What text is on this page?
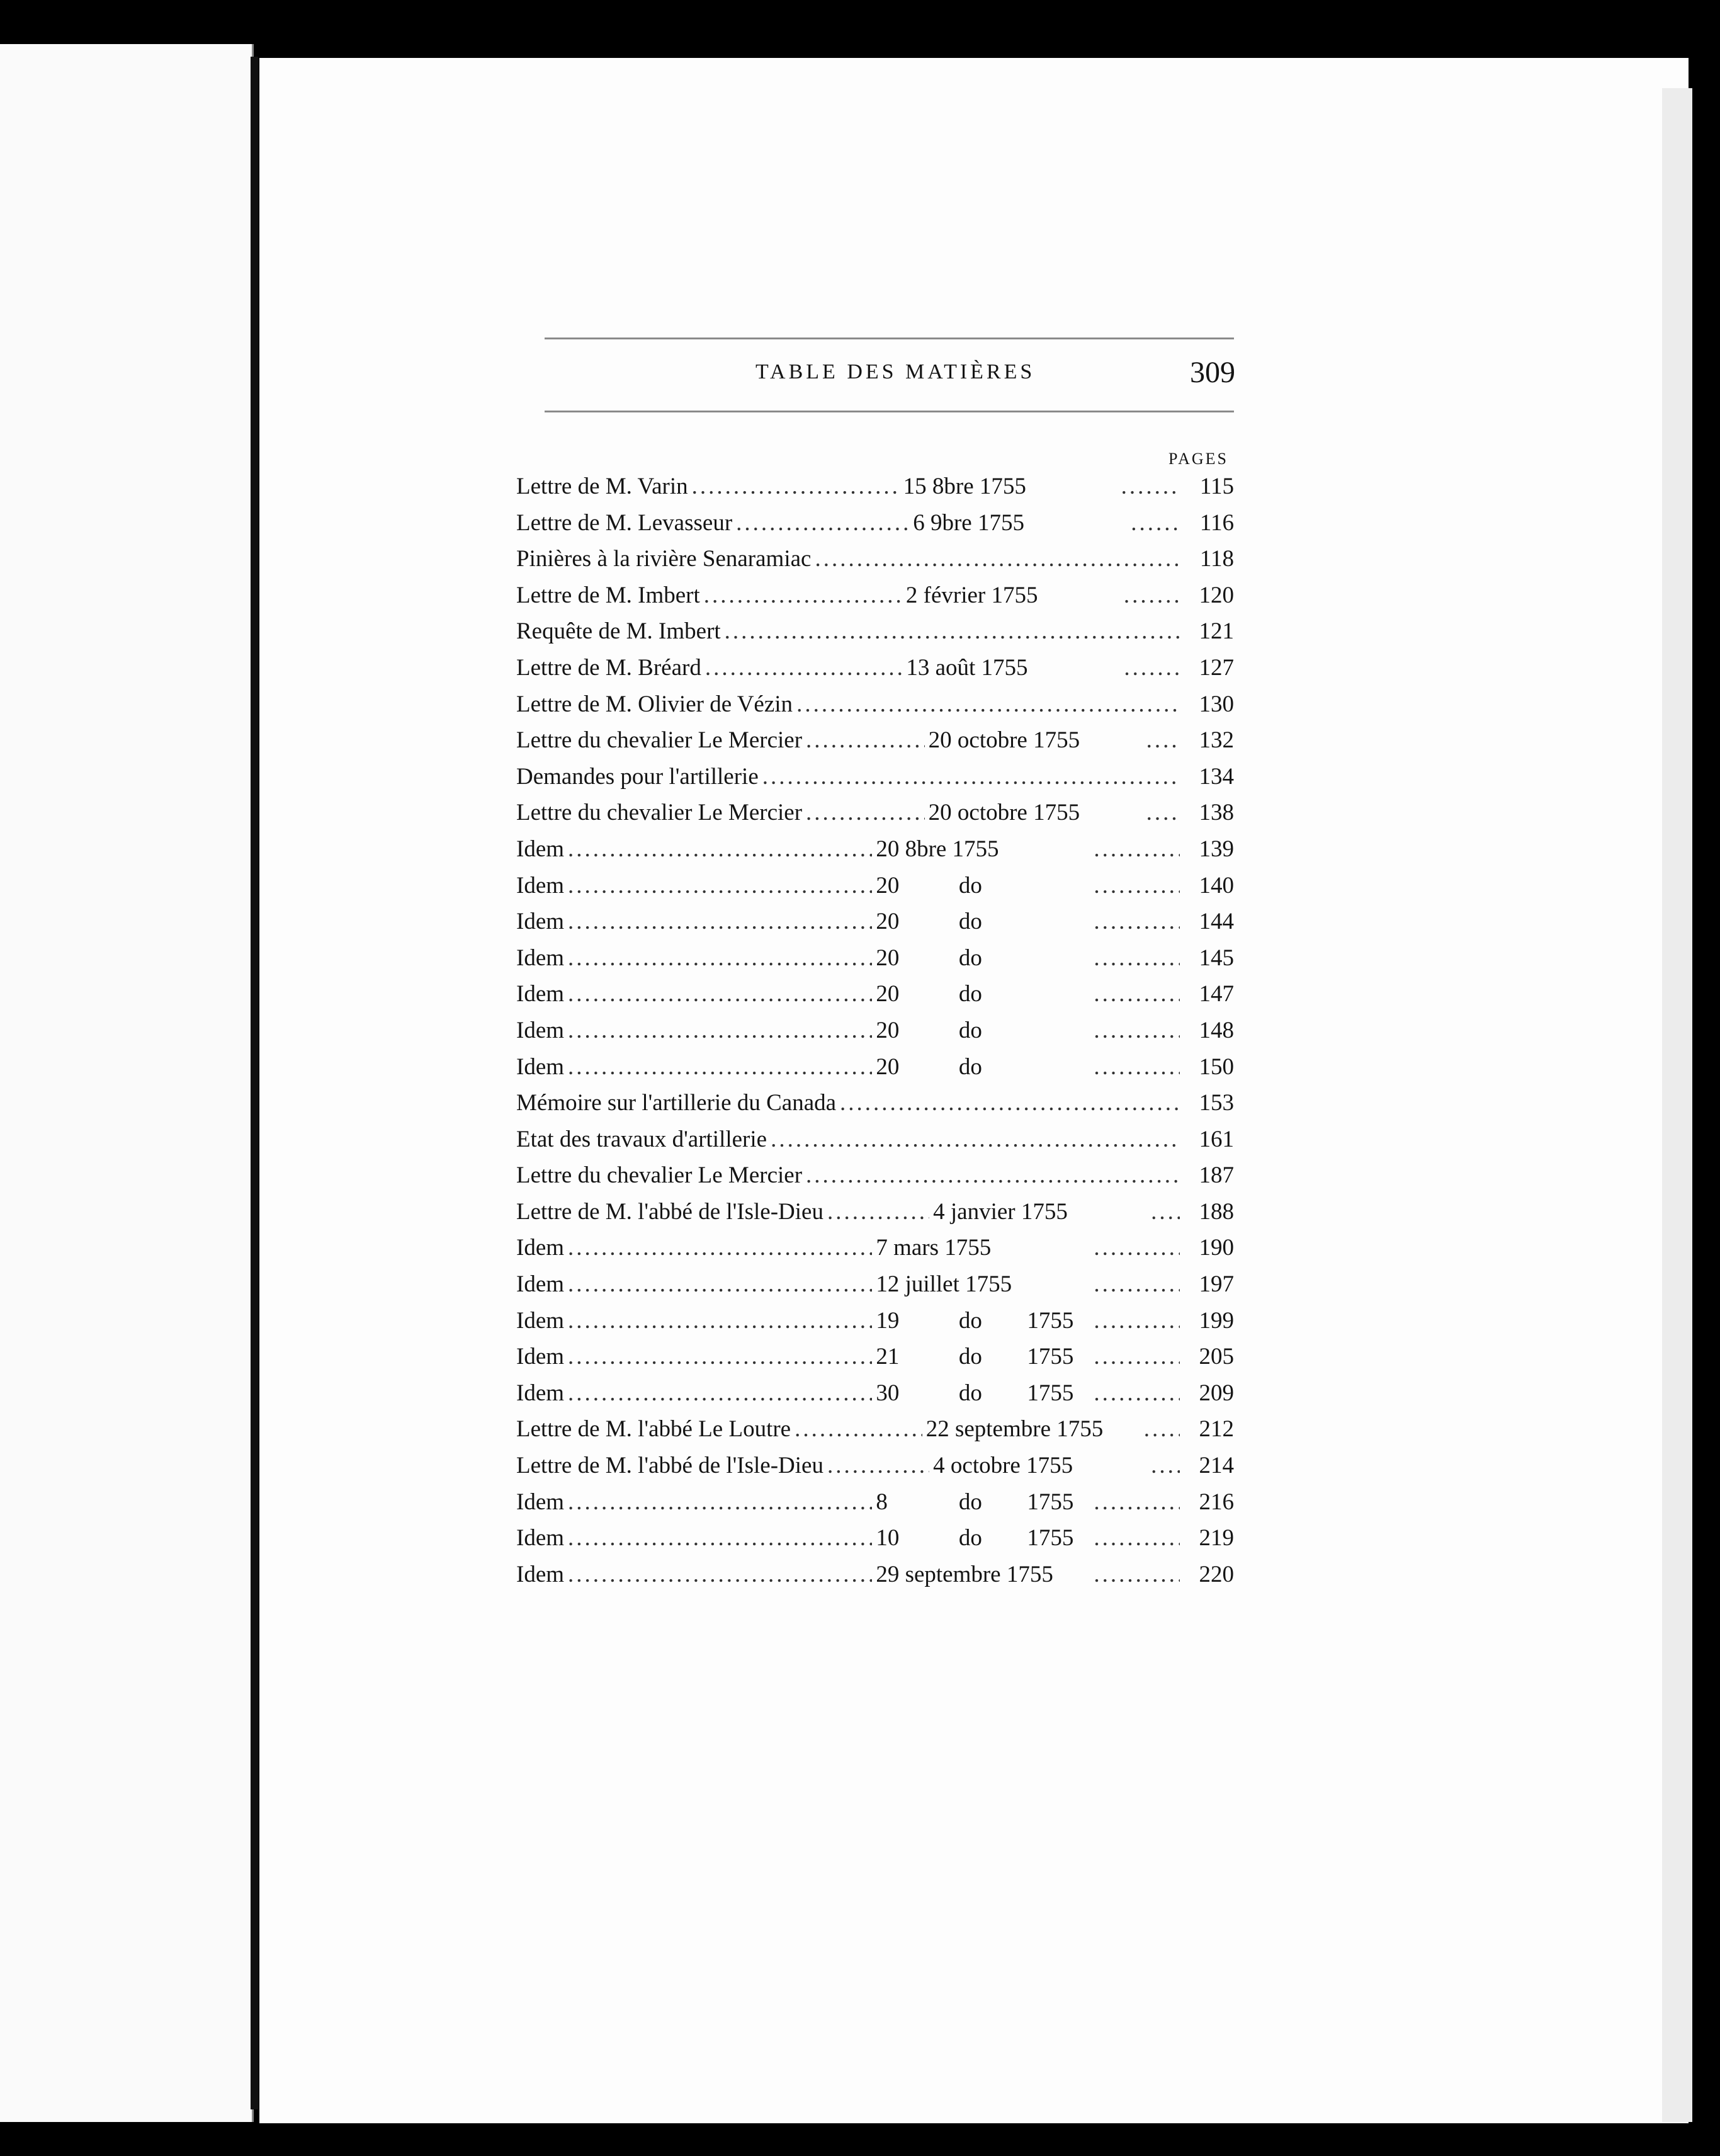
TABLE DES MATIÈRES	309
PAGES
Lettre de M. Varin .....	15 8bre 1755 .....	115
Lettre de M. Levasseur .....	6 9bre 1755 .....	116
Pinières à la rivière Senaramiac .....	118
Lettre de M. Imbert .....	2 février 1755 .....	120
Requête de M. Imbert .....	121
Lettre de M. Bréard .....	13 août 1755 .....	127
Lettre de M. Olivier de Vézin .....	130
Lettre du chevalier Le Mercier .....	20 octobre 1755 .....	132
Demandes pour l'artillerie .....	134
Lettre du chevalier Le Mercier .....	20 octobre 1755 .....	138
Idem .....	20 8bre 1755 .....	139
Idem .....	20	do .....	140
Idem .....	20	do .....	144
Idem .....	20	do .....	145
Idem .....	20	do .....	147
Idem .....	20	do .....	148
Idem .....	20	do .....	150
Mémoire sur l'artillerie du Canada .....	153
Etat des travaux d'artillerie .....	161
Lettre du chevalier Le Mercier .....	187
Lettre de M. l'abbé de l'Isle-Dieu .....	4 janvier 1755 .....	188
Idem .....	7 mars 1755 .....	190
Idem .....	12 juillet 1755 .....	197
Idem .....	19	do	1755 .....	199
Idem .....	21	do	1755 .....	205
Idem .....	30	do	1755 .....	209
Lettre de M. l'abbé Le Loutre .....	22 septembre 1755 .....	212
Lettre de M. l'abbé de l'Isle-Dieu .....	4 octobre 1755 .....	214
Idem .....	8	do	1755 .....	216
Idem .....	10	do	1755 .....	219
Idem .....	29 septembre 1755 .....	220
